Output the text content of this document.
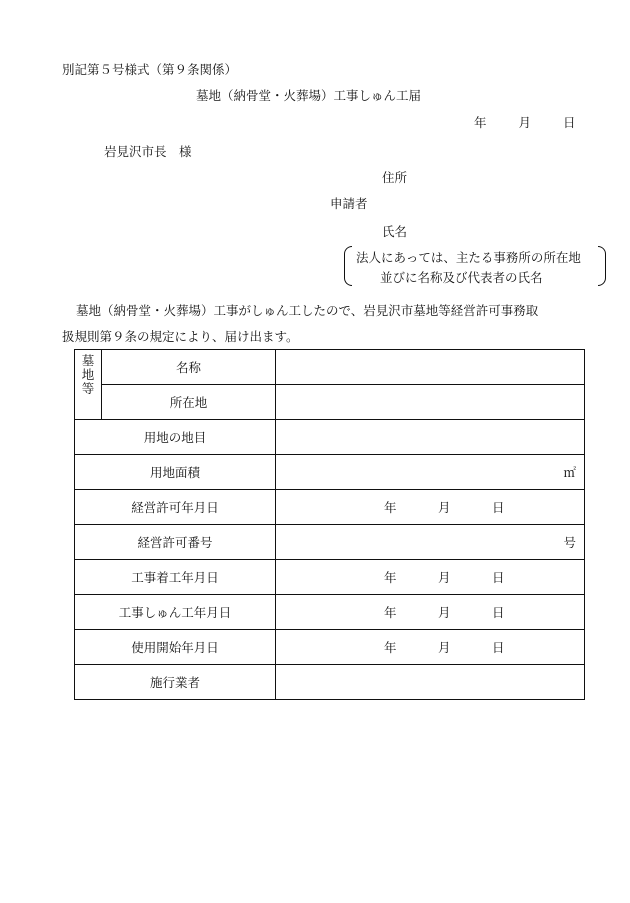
別記第５号様式（第９条関係）
墓地（納骨堂・火葬場）工事しゅん工届
年	月	日
岩見沢市長　様
住所
申請者
氏名
法人にあっては、主たる事務所の所在地
並びに名称及び代表者の氏名
墓地（納骨堂・火葬場）工事がしゅん工したので、岩見沢市墓地等経営許可事務取
扱規則第９条の規定により、届け出ます。
墓
地
等	名称	
	所在地	
用地の地目		
用地面積		㎡

経営許可年月日		年 月 日

経営許可番号		号

工事着工年月日		年 月 日

工事しゅん工年月日		年 月 日

使用開始年月日		年 月 日

施行業者		
